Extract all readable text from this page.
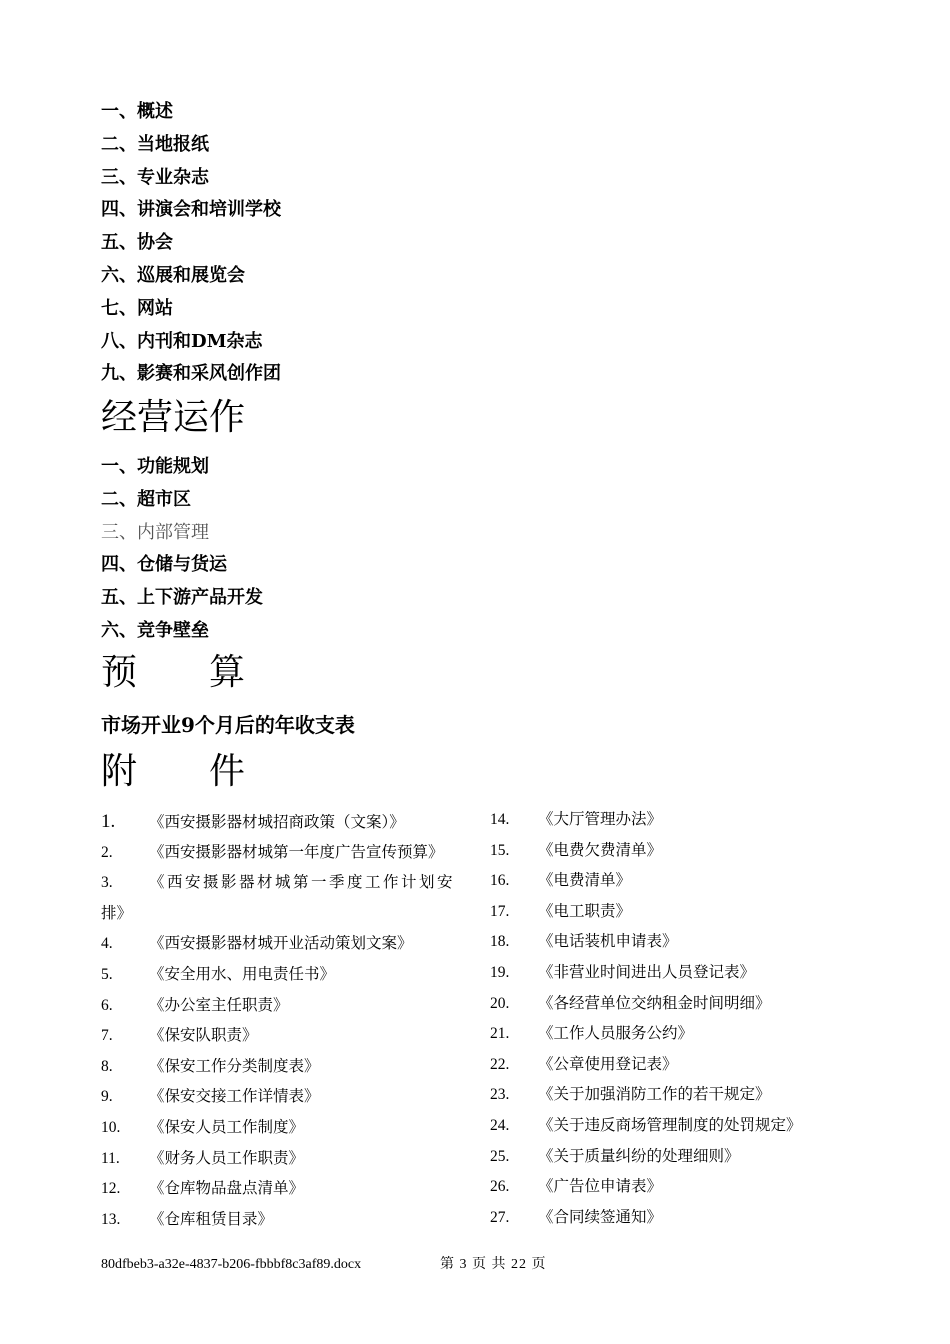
一、概述
二、当地报纸
三、专业杂志
四、讲演会和培训学校
五、协会
六、巡展和展览会
七、网站
八、内刊和DM杂志
九、影赛和采风创作团
经营运作
一、功能规划
二、超市区
三、内部管理
四、仓储与货运
五、上下游产品开发
六、竞争壁垒
预　　算

市场开业9个月后的年收支表

附　　件
1. 《西安摄影器材城招商政策（文案）》
2. 《西安摄影器材城第一年度广告宣传预算》
3. 《西安摄影器材城第一季度工作计划安
排》
4. 《西安摄影器材城开业活动策划文案》
5. 《安全用水、用电责任书》
6. 《办公室主任职责》
7. 《保安队职责》
8. 《保安工作分类制度表》
9. 《保安交接工作详情表》
10. 《保安人员工作制度》
11. 《财务人员工作职责》
12. 《仓库物品盘点清单》
13. 《仓库租赁目录》
14. 《大厅管理办法》
15. 《电费欠费清单》
16. 《电费清单》
17. 《电工职责》
18. 《电话装机申请表》
19. 《非营业时间进出人员登记表》
20. 《各经营单位交纳租金时间明细》
21. 《工作人员服务公约》
22. 《公章使用登记表》
23. 《关于加强消防工作的若干规定》
24. 《关于违反商场管理制度的处罚规定》
25. 《关于质量纠纷的处理细则》
26. 《广告位申请表》
27. 《合同续签通知》
80dfbeb3-a32e-4837-b206-fbbbf8c3af89.docx	第 3 页 共 22 页
